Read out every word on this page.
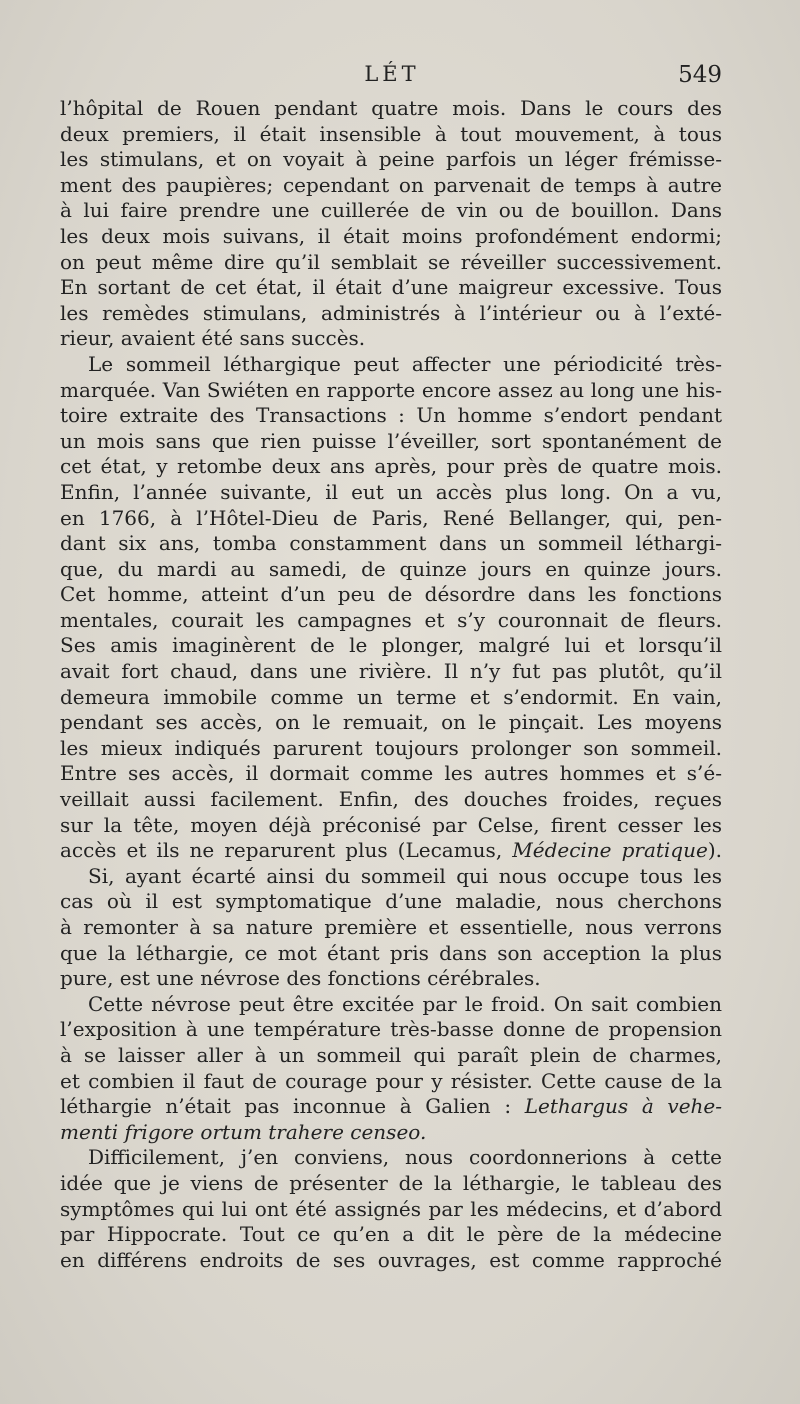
LÉT	549
l’hôpital de Rouen pendant quatre mois. Dans le cours des
deux premiers, il était insensible à tout mouvement, à tous
les stimulans, et on voyait à peine parfois un léger frémisse-
ment des paupières; cependant on parvenait de temps à autre
à lui faire prendre une cuillerée de vin ou de bouillon. Dans
les deux mois suivans, il était moins profondément endormi;
on peut même dire qu’il semblait se réveiller successivement.
En sortant de cet état, il était d’une maigreur excessive. Tous
les remèdes stimulans, administrés à l’intérieur ou à l’exté-
rieur, avaient été sans succès.
Le sommeil léthargique peut affecter une périodicité très-
marquée. Van Swiéten en rapporte encore assez au long une his-
toire extraite des Transactions : Un homme s’endort pendant
un mois sans que rien puisse l’éveiller, sort spontanément de
cet état, y retombe deux ans après, pour près de quatre mois.
Enfin, l’année suivante, il eut un accès plus long. On a vu,
en 1766, à l’Hôtel-Dieu de Paris, René Bellanger, qui, pen-
dant six ans, tomba constamment dans un sommeil léthargi-
que, du mardi au samedi, de quinze jours en quinze jours.
Cet homme, atteint d’un peu de désordre dans les fonctions
mentales, courait les campagnes et s’y couronnait de fleurs.
Ses amis imaginèrent de le plonger, malgré lui et lorsqu’il
avait fort chaud, dans une rivière. Il n’y fut pas plutôt, qu’il
demeura immobile comme un terme et s’endormit. En vain,
pendant ses accès, on le remuait, on le pinçait. Les moyens
les mieux indiqués parurent toujours prolonger son sommeil.
Entre ses accès, il dormait comme les autres hommes et s’é-
veillait aussi facilement. Enfin, des douches froides, reçues
sur la tête, moyen déjà préconisé par Celse, firent cesser les
accès et ils ne reparurent plus (Lecamus, Médecine pratique).
Si, ayant écarté ainsi du sommeil qui nous occupe tous les
cas où il est symptomatique d’une maladie, nous cherchons
à remonter à sa nature première et essentielle, nous verrons
que la léthargie, ce mot étant pris dans son acception la plus
pure, est une névrose des fonctions cérébrales.
Cette névrose peut être excitée par le froid. On sait combien
l’exposition à une température très-basse donne de propension
à se laisser aller à un sommeil qui paraît plein de charmes,
et combien il faut de courage pour y résister. Cette cause de la
léthargie n’était pas inconnue à Galien : Lethargus à vehe-
menti frigore ortum trahere censeo.
Difficilement, j’en conviens, nous coordonnerions à cette
idée que je viens de présenter de la léthargie, le tableau des
symptômes qui lui ont été assignés par les médecins, et d’abord
par Hippocrate. Tout ce qu’en a dit le père de la médecine
en différens endroits de ses ouvrages, est comme rapproché
